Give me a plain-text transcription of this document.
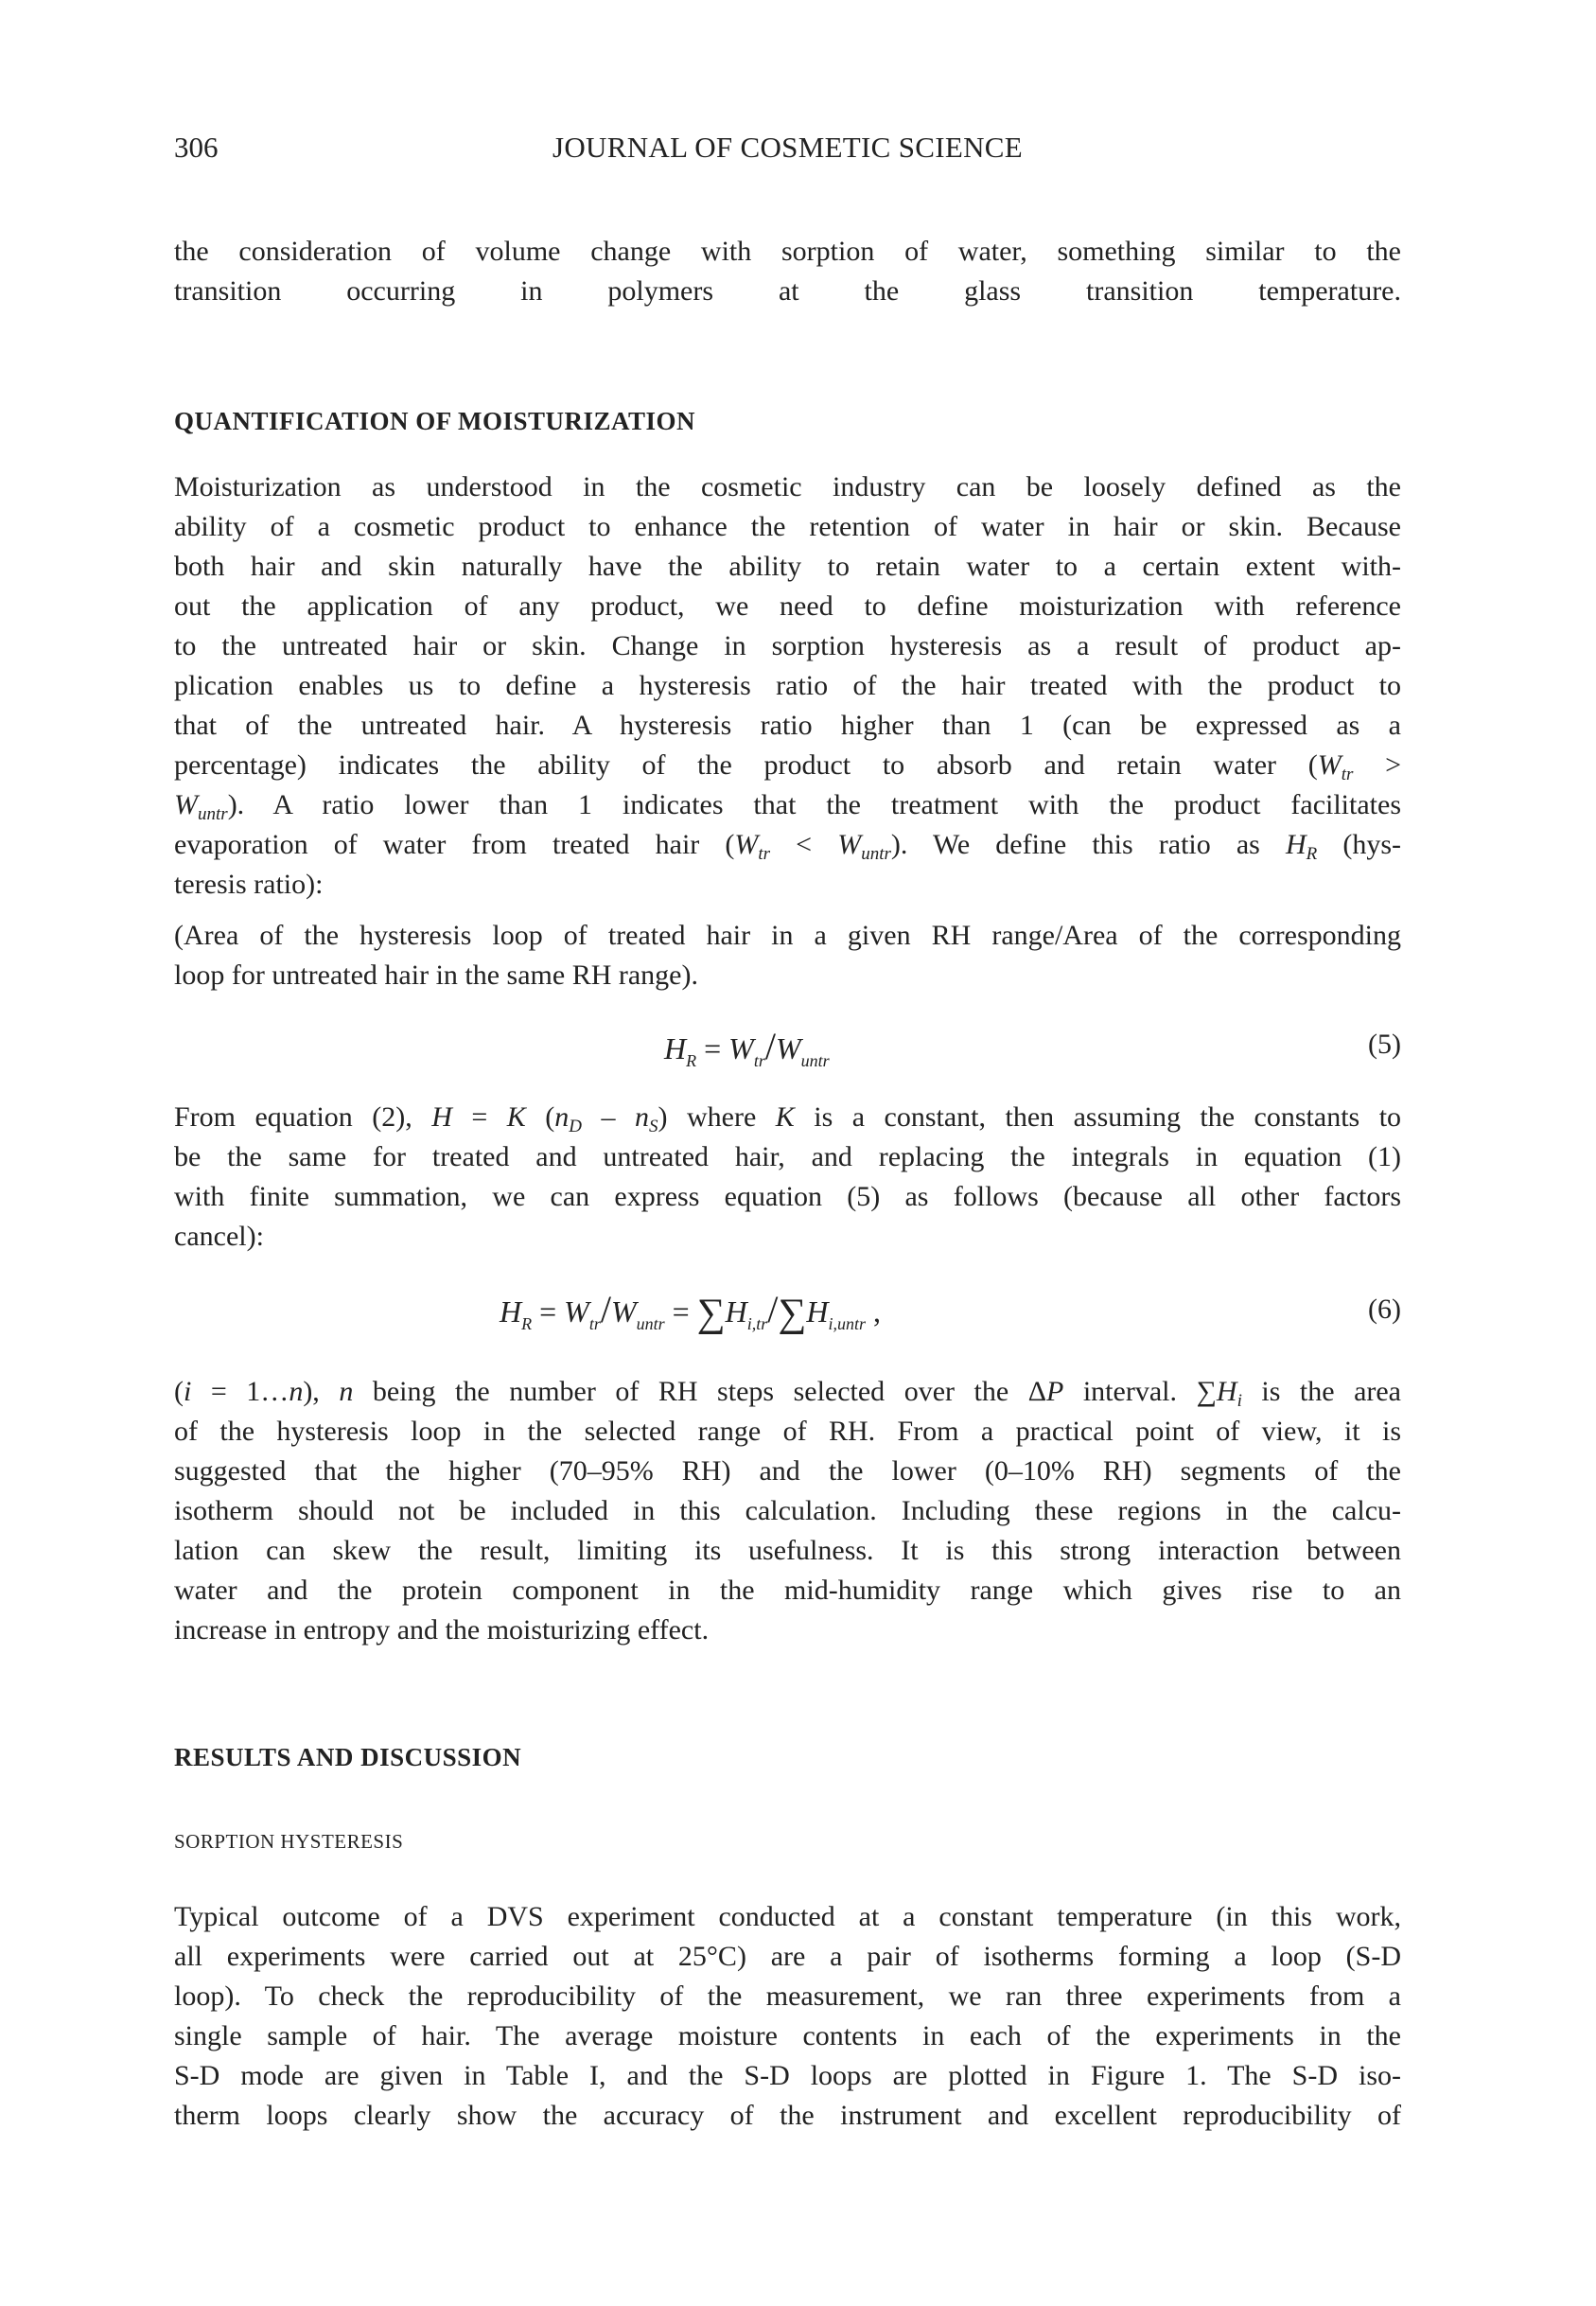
306	JOURNAL OF COSMETIC SCIENCE
the consideration of volume change with sorption of water, something similar to the
transition occurring in polymers at the glass transition temperature.
QUANTIFICATION OF MOISTURIZATION
Moisturization as understood in the cosmetic industry can be loosely defined as the
ability of a cosmetic product to enhance the retention of water in hair or skin. Because
both hair and skin naturally have the ability to retain water to a certain extent with-
out the application of any product, we need to define moisturization with reference
to the untreated hair or skin. Change in sorption hysteresis as a result of product ap-
plication enables us to define a hysteresis ratio of the hair treated with the product to
that of the untreated hair. A hysteresis ratio higher than 1 (can be expressed as a
percentage) indicates the ability of the product to absorb and retain water ($W_{tr}$ >
$W_{untr}$). A ratio lower than 1 indicates that the treatment with the product facilitates
evaporation of water from treated hair $(W_{tr} < W_{untr})$. We define this ratio as $H_R$ (hys-
teresis ratio):
(Area of the hysteresis loop of treated hair in a given RH range/Area of the corresponding
loop for untreated hair in the same RH range).
$H_R = W_{tr}/W_{untr}$
(5)
From equation (2), H = K $(n_D - n_S)$ where K is a constant, then assuming the constants to
be the same for treated and untreated hair, and replacing the integrals in equation (1)
with finite summation, we can express equation (5) as follows (because all other factors
cancel):
$H_R = W_{tr}/W_{untr} = \sum H_{i,tr}/\sum H_{i,untr}$ ,	(6)
(i = 1…n), n being the number of RH steps selected over the ΔP interval. $\sum H_i$ is the area
of the hysteresis loop in the selected range of RH. From a practical point of view, it is
suggested that the higher (70–95% RH) and the lower (0–10% RH) segments of the
isotherm should not be included in this calculation. Including these regions in the calcu-
lation can skew the result, limiting its usefulness. It is this strong interaction between
water and the protein component in the mid-humidity range which gives rise to an
increase in entropy and the moisturizing effect.
RESULTS AND DISCUSSION
SORPTION HYSTERESIS
Typical outcome of a DVS experiment conducted at a constant temperature (in this work,
all experiments were carried out at 25°C) are a pair of isotherms forming a loop (S-D
loop). To check the reproducibility of the measurement, we ran three experiments from a
single sample of hair. The average moisture contents in each of the experiments in the
S-D mode are given in Table I, and the S-D loops are plotted in Figure 1. The S-D iso-
therm loops clearly show the accuracy of the instrument and excellent reproducibility of
